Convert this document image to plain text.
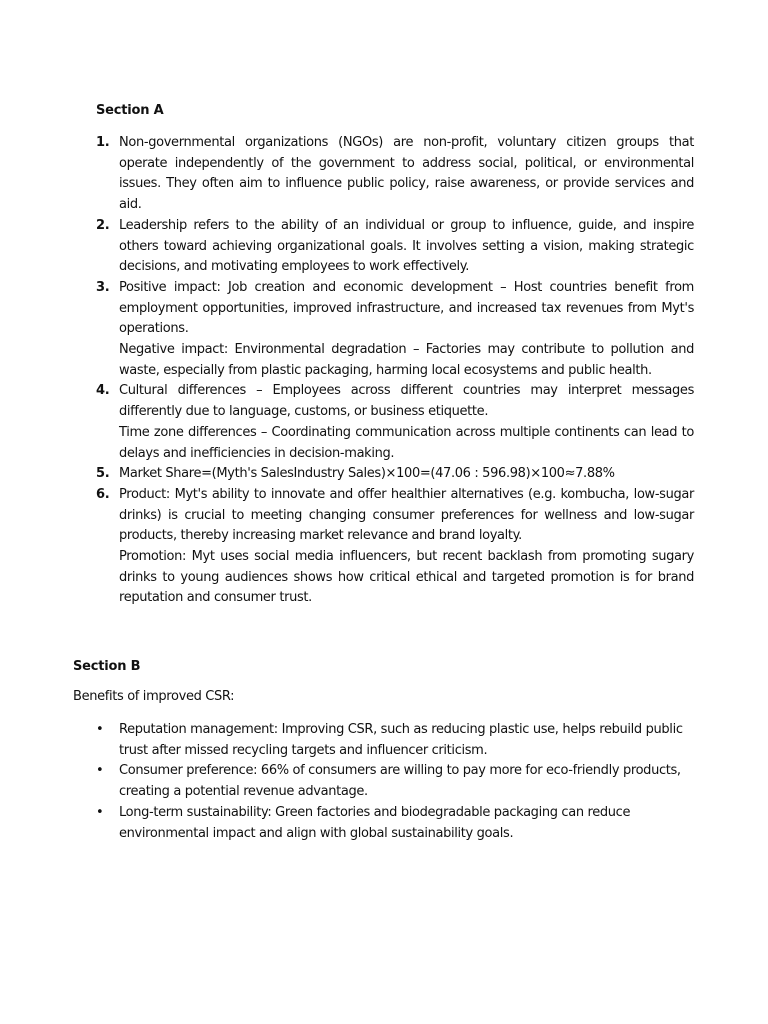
Section A
1. Non-governmental organizations (NGOs) are non-profit, voluntary citizen groups that operate independently of the government to address social, political, or environmental issues. They often aim to influence public policy, raise awareness, or provide services and aid.

2. Leadership refers to the ability of an individual or group to influence, guide, and inspire others toward achieving organizational goals. It involves setting a vision, making strategic decisions, and motivating employees to work effectively.

3. Positive impact: Job creation and economic development – Host countries benefit from employment opportunities, improved infrastructure, and increased tax revenues from Myt's operations.

Negative impact: Environmental degradation – Factories may contribute to pollution and waste, especially from plastic packaging, harming local ecosystems and public health.

4. Cultural differences – Employees across different countries may interpret messages differently due to language, customs, or business etiquette.

Time zone differences – Coordinating communication across multiple continents can lead to delays and inefficiencies in decision-making.

5. Market Share=(Myth's SalesIndustry Sales)×100=(47.06 : 596.98)×100≈7.88%

6. Product: Myt's ability to innovate and offer healthier alternatives (e.g. kombucha, low-sugar drinks) is crucial to meeting changing consumer preferences for wellness and low-sugar products, thereby increasing market relevance and brand loyalty.

Promotion: Myt uses social media influencers, but recent backlash from promoting sugary drinks to young audiences shows how critical ethical and targeted promotion is for brand reputation and consumer trust.

Section B
Benefits of improved CSR:
• Reputation management: Improving CSR, such as reducing plastic use, helps rebuild public trust after missed recycling targets and influencer criticism.
• Consumer preference: 66% of consumers are willing to pay more for eco-friendly products, creating a potential revenue advantage.
• Long-term sustainability: Green factories and biodegradable packaging can reduce environmental impact and align with global sustainability goals.
